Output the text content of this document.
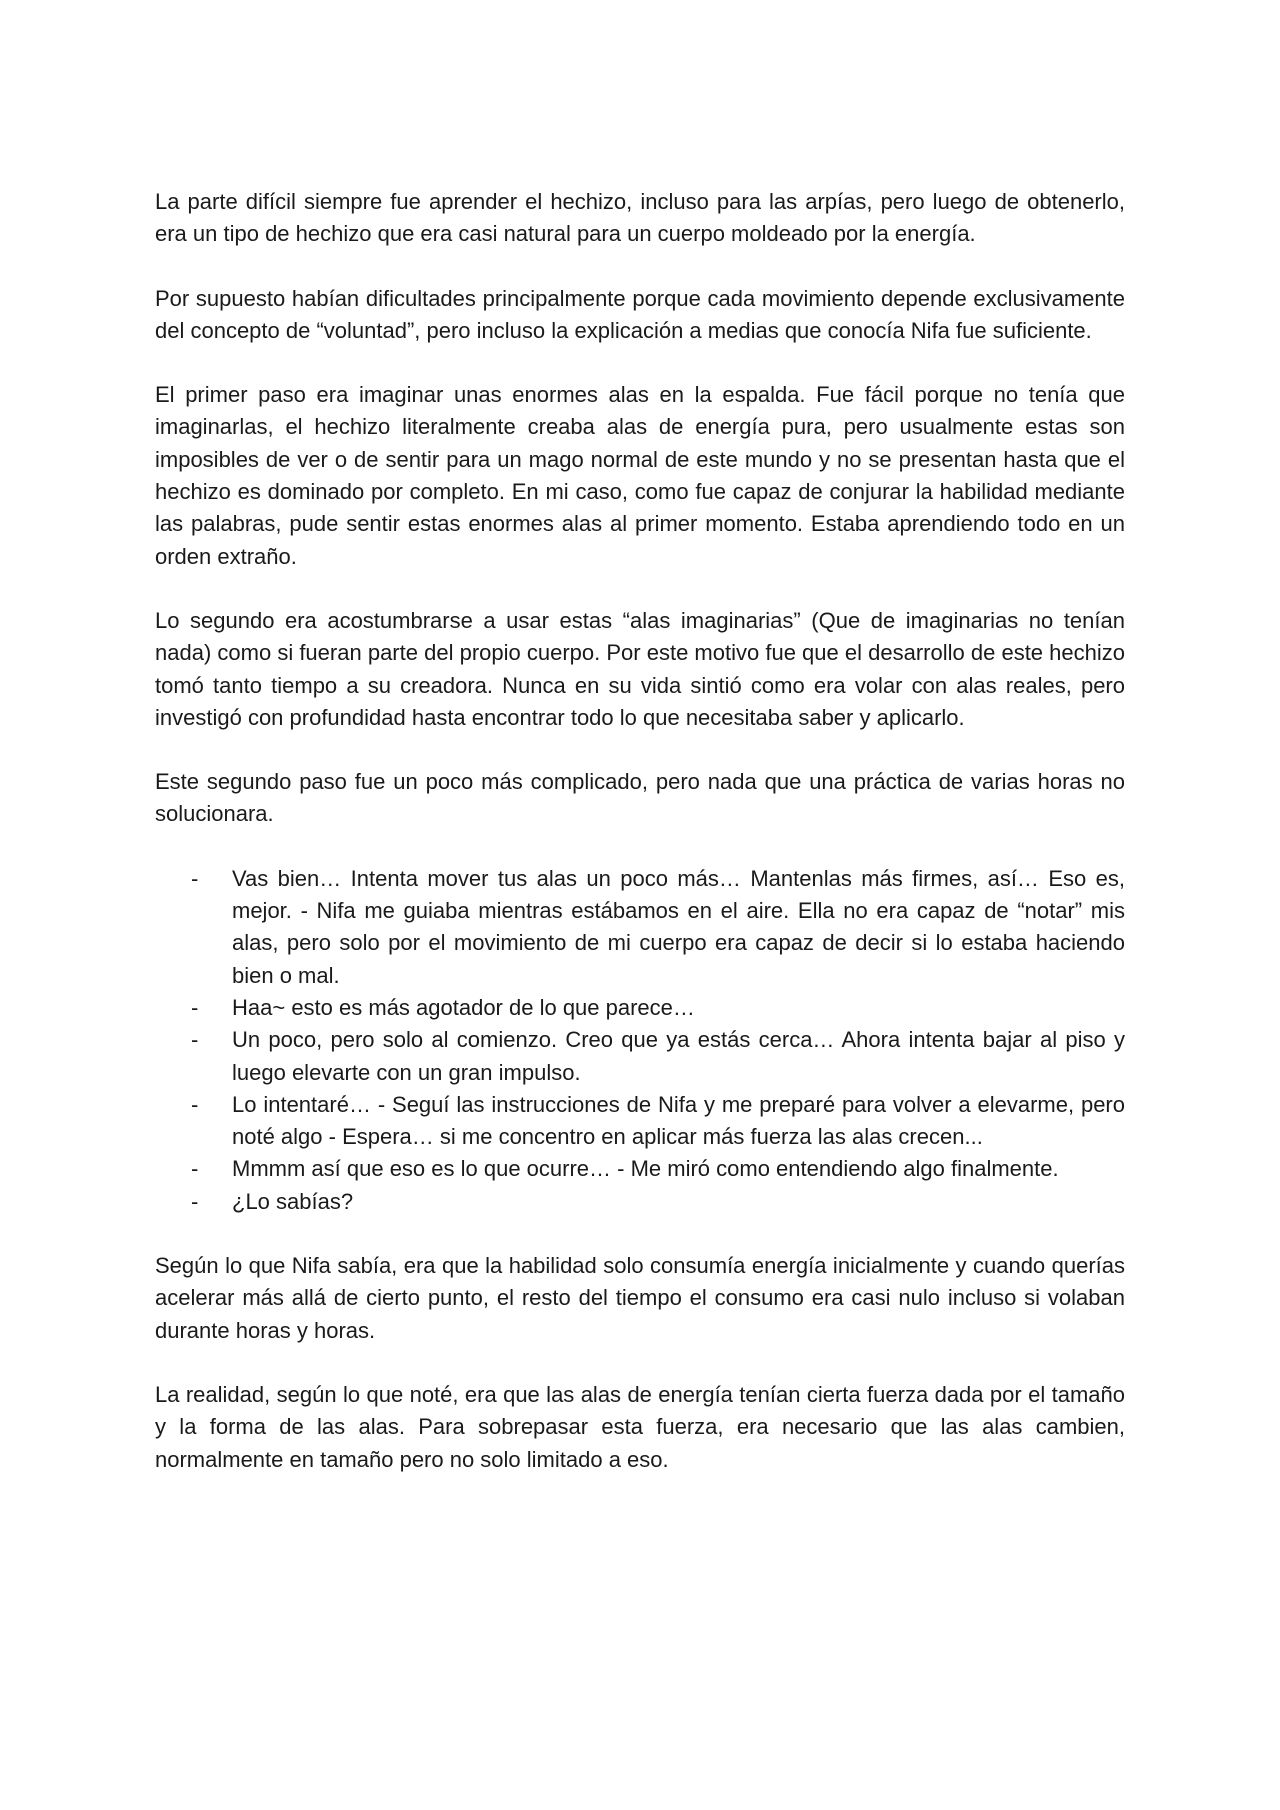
La parte difícil siempre fue aprender el hechizo, incluso para las arpías, pero luego de obtenerlo, era un tipo de hechizo que era casi natural para un cuerpo moldeado por la energía.

Por supuesto habían dificultades principalmente porque cada movimiento depende exclusivamente del concepto de “voluntad”, pero incluso la explicación a medias que conocía Nifa fue suficiente.

El primer paso era imaginar unas enormes alas en la espalda. Fue fácil porque no tenía que imaginarlas, el hechizo literalmente creaba alas de energía pura, pero usualmente estas son imposibles de ver o de sentir para un mago normal de este mundo y no se presentan hasta que el hechizo es dominado por completo. En mi caso, como fue capaz de conjurar la habilidad mediante las palabras, pude sentir estas enormes alas al primer momento. Estaba aprendiendo todo en un orden extraño.

Lo segundo era acostumbrarse a usar estas “alas imaginarias” (Que de imaginarias no tenían nada) como si fueran parte del propio cuerpo. Por este motivo fue que el desarrollo de este hechizo tomó tanto tiempo a su creadora. Nunca en su vida sintió como era volar con alas reales, pero investigó con profundidad hasta encontrar todo lo que necesitaba saber y aplicarlo.

Este segundo paso fue un poco más complicado, pero nada que una práctica de varias horas no solucionara.

- Vas bien… Intenta mover tus alas un poco más… Mantenlas más firmes, así… Eso es, mejor. - Nifa me guiaba mientras estábamos en el aire. Ella no era capaz de “notar” mis alas, pero solo por el movimiento de mi cuerpo era capaz de decir si lo estaba haciendo bien o mal.
- Haa~ esto es más agotador de lo que parece…
- Un poco, pero solo al comienzo. Creo que ya estás cerca… Ahora intenta bajar al piso y luego elevarte con un gran impulso.
- Lo intentaré… - Seguí las instrucciones de Nifa y me preparé para volver a elevarme, pero noté algo - Espera… si me concentro en aplicar más fuerza las alas crecen...
- Mmmm así que eso es lo que ocurre… - Me miró como entendiendo algo finalmente.
- ¿Lo sabías?

Según lo que Nifa sabía, era que la habilidad solo consumía energía inicialmente y cuando querías acelerar más allá de cierto punto, el resto del tiempo el consumo era casi nulo incluso si volaban durante horas y horas.

La realidad, según lo que noté, era que las alas de energía tenían cierta fuerza dada por el tamaño y la forma de las alas. Para sobrepasar esta fuerza, era necesario que las alas cambien, normalmente en tamaño pero no solo limitado a eso.
